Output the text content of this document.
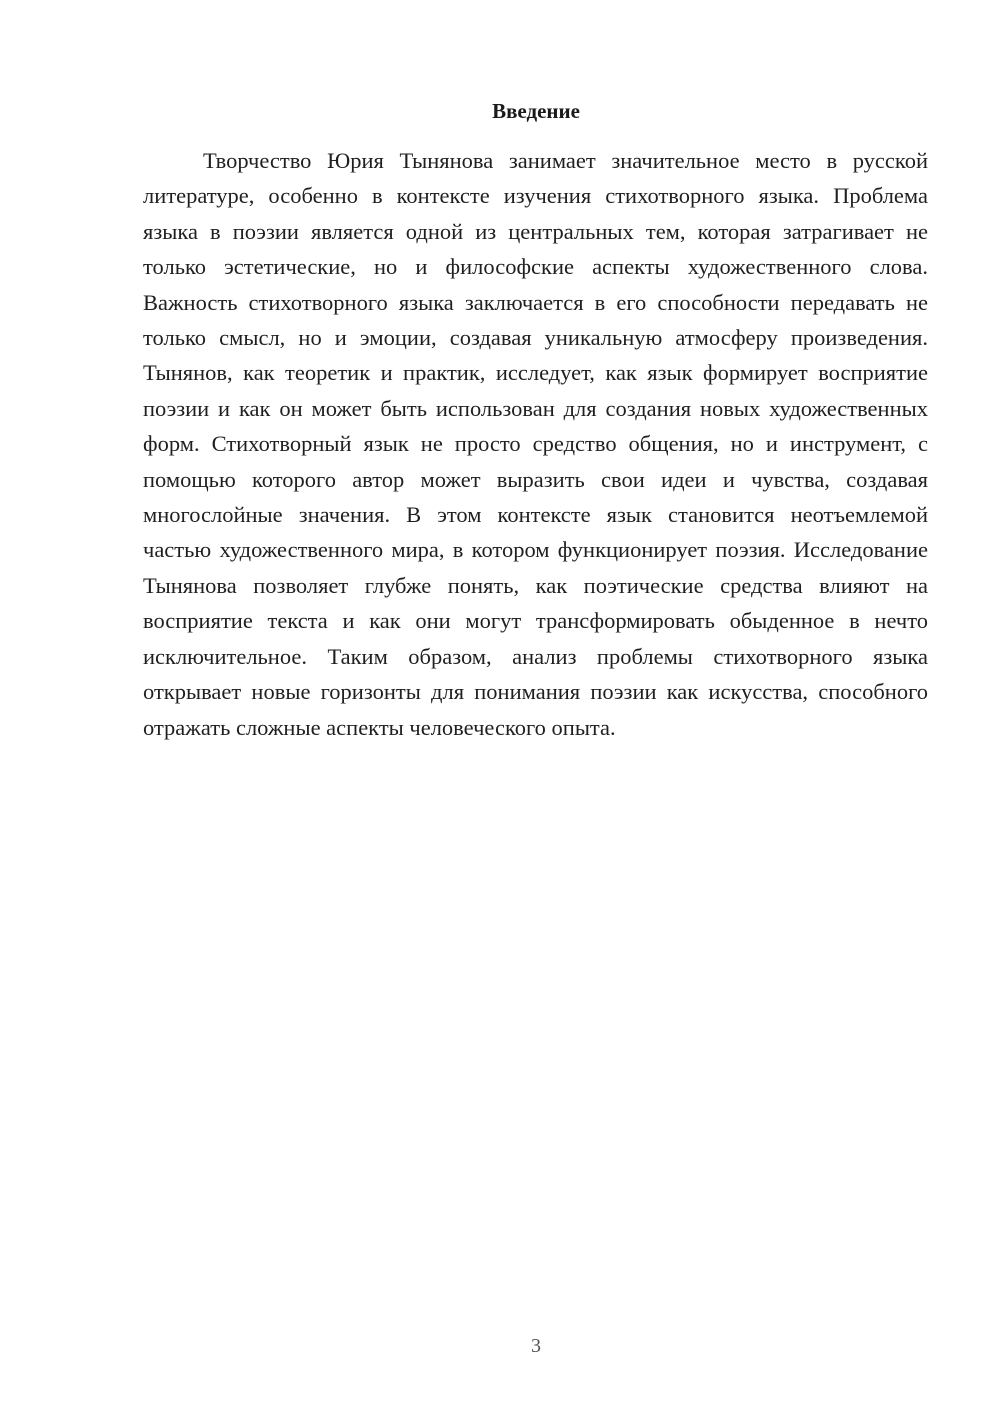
Введение

Творчество Юрия Тынянова занимает значительное место в русской литературе, особенно в контексте изучения стихотворного языка. Проблема языка в поэзии является одной из центральных тем, которая затрагивает не только эстетические, но и философские аспекты художественного слова. Важность стихотворного языка заключается в его способности передавать не только смысл, но и эмоции, создавая уникальную атмосферу произведения. Тынянов, как теоретик и практик, исследует, как язык формирует восприятие поэзии и как он может быть использован для создания новых художественных форм. Стихотворный язык не просто средство общения, но и инструмент, с помощью которого автор может выразить свои идеи и чувства, создавая многослойные значения. В этом контексте язык становится неотъемлемой частью художественного мира, в котором функционирует поэзия. Исследование Тынянова позволяет глубже понять, как поэтические средства влияют на восприятие текста и как они могут трансформировать обыденное в нечто исключительное. Таким образом, анализ проблемы стихотворного языка открывает новые горизонты для понимания поэзии как искусства, способного отражать сложные аспекты человеческого опыта.

3
